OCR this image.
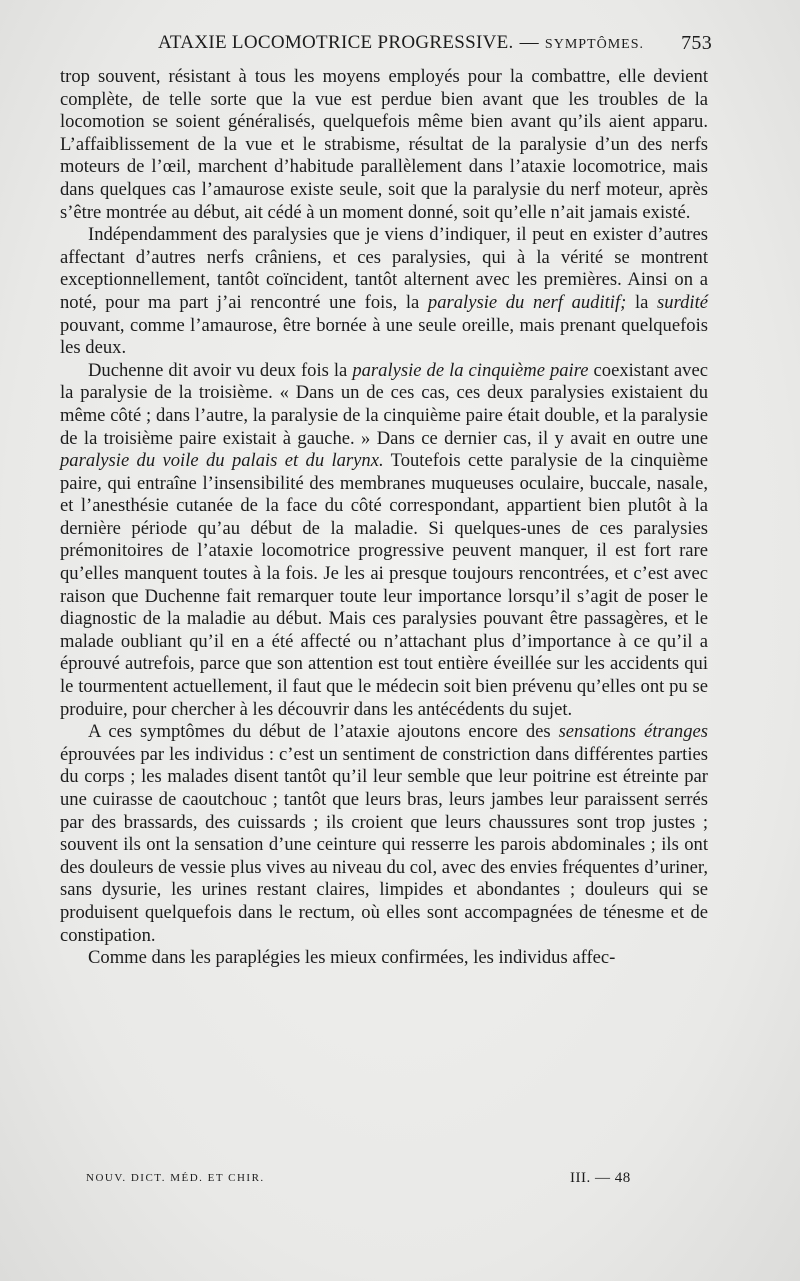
ATAXIE LOCOMOTRICE PROGRESSIVE. — SYMPTÔMES. 753

trop souvent, résistant à tous les moyens employés pour la combattre, elle devient complète, de telle sorte que la vue est perdue bien avant que les troubles de la locomotion se soient généralisés, quelquefois même bien avant qu’ils aient apparu. L’affaiblissement de la vue et le strabisme, résultat de la paralysie d’un des nerfs moteurs de l’œil, marchent d’habitude parallèlement dans l’ataxie locomotrice, mais dans quelques cas l’amaurose existe seule, soit que la paralysie du nerf moteur, après s’être montrée au début, ait cédé à un moment donné, soit qu’elle n’ait jamais existé.

Indépendamment des paralysies que je viens d’indiquer, il peut en exister d’autres affectant d’autres nerfs crâniens, et ces paralysies, qui à la vérité se montrent exceptionnellement, tantôt coïncident, tantôt alternent avec les premières. Ainsi on a noté, pour ma part j’ai rencontré une fois, la paralysie du nerf auditif; la surdité pouvant, comme l’amaurose, être bornée à une seule oreille, mais prenant quelquefois les deux.

Duchenne dit avoir vu deux fois la paralysie de la cinquième paire coexistant avec la paralysie de la troisième. « Dans un de ces cas, ces deux paralysies existaient du même côté ; dans l’autre, la paralysie de la cinquième paire était double, et la paralysie de la troisième paire existait à gauche. » Dans ce dernier cas, il y avait en outre une paralysie du voile du palais et du larynx. Toutefois cette paralysie de la cinquième paire, qui entraîne l’insensibilité des membranes muqueuses oculaire, buccale, nasale, et l’anesthésie cutanée de la face du côté correspondant, appartient bien plutôt à la dernière période qu’au début de la maladie. Si quelques-unes de ces paralysies prémonitoires de l’ataxie locomotrice progressive peuvent manquer, il est fort rare qu’elles manquent toutes à la fois. Je les ai presque toujours rencontrées, et c’est avec raison que Duchenne fait remarquer toute leur importance lorsqu’il s’agit de poser le diagnostic de la maladie au début. Mais ces paralysies pouvant être passagères, et le malade oubliant qu’il en a été affecté ou n’attachant plus d’importance à ce qu’il a éprouvé autrefois, parce que son attention est tout entière éveillée sur les accidents qui le tourmentent actuellement, il faut que le médecin soit bien prévenu qu’elles ont pu se produire, pour chercher à les découvrir dans les antécédents du sujet.

A ces symptômes du début de l’ataxie ajoutons encore des sensations étranges éprouvées par les individus : c’est un sentiment de constriction dans différentes parties du corps ; les malades disent tantôt qu’il leur semble que leur poitrine est étreinte par une cuirasse de caoutchouc ; tantôt que leurs bras, leurs jambes leur paraissent serrés par des brassards, des cuissards ; ils croient que leurs chaussures sont trop justes ; souvent ils ont la sensation d’une ceinture qui resserre les parois abdominales ; ils ont des douleurs de vessie plus vives au niveau du col, avec des envies fréquentes d’uriner, sans dysurie, les urines restant claires, limpides et abondantes ; douleurs qui se produisent quelquefois dans le rectum, où elles sont accompagnées de ténesme et de constipation.

Comme dans les paraplégies les mieux confirmées, les individus affec-

NOUV. DICT. MÉD. ET CHIR.	III. — 48
